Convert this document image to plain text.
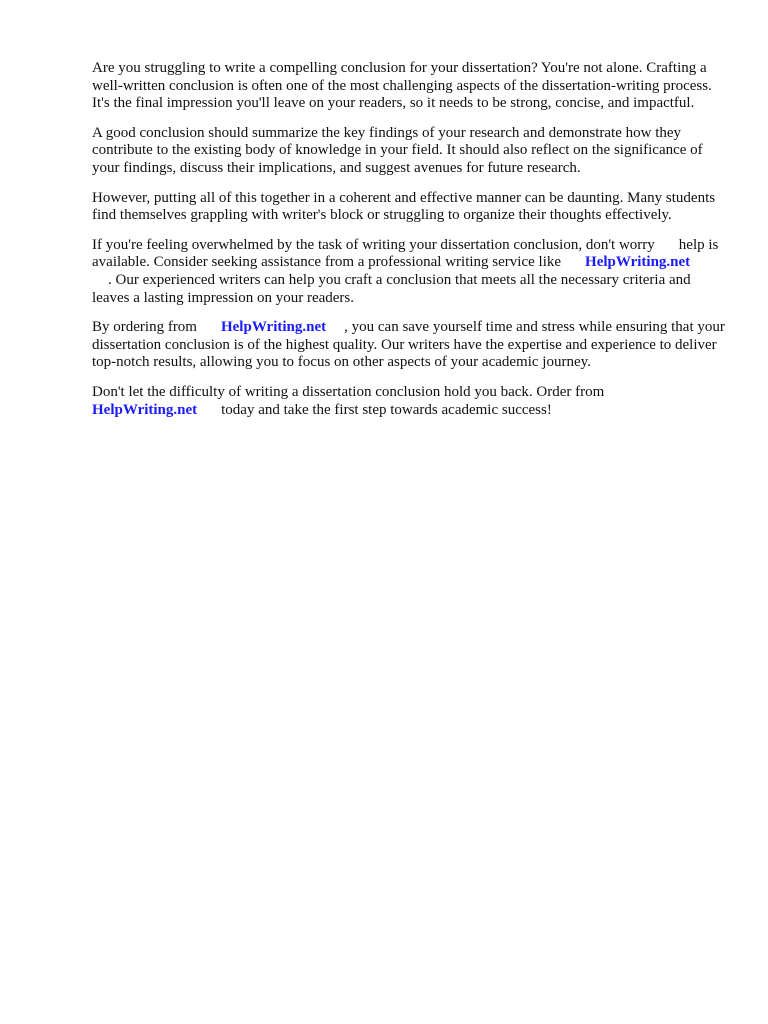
Are you struggling to write a compelling conclusion for your dissertation? You're not alone. Crafting a well-written conclusion is often one of the most challenging aspects of the dissertation-writing process. It's the final impression you'll leave on your readers, so it needs to be strong, concise, and impactful.

A good conclusion should summarize the key findings of your research and demonstrate how they contribute to the existing body of knowledge in your field. It should also reflect on the significance of your findings, discuss their implications, and suggest avenues for future research.

However, putting all of this together in a coherent and effective manner can be daunting. Many students find themselves grappling with writer's block or struggling to organize their thoughts effectively.

If you're feeling overwhelmed by the task of writing your dissertation conclusion, don't worry help is available. Consider seeking assistance from a professional writing service like HelpWriting.net
. Our experienced writers can help you craft a conclusion that meets all the necessary criteria and leaves a lasting impression on your readers.

By ordering from HelpWriting.net , you can save yourself time and stress while ensuring that your dissertation conclusion is of the highest quality. Our writers have the expertise and experience to deliver top-notch results, allowing you to focus on other aspects of your academic journey.

Don't let the difficulty of writing a dissertation conclusion hold you back. Order from
HelpWriting.net today and take the first step towards academic success!
